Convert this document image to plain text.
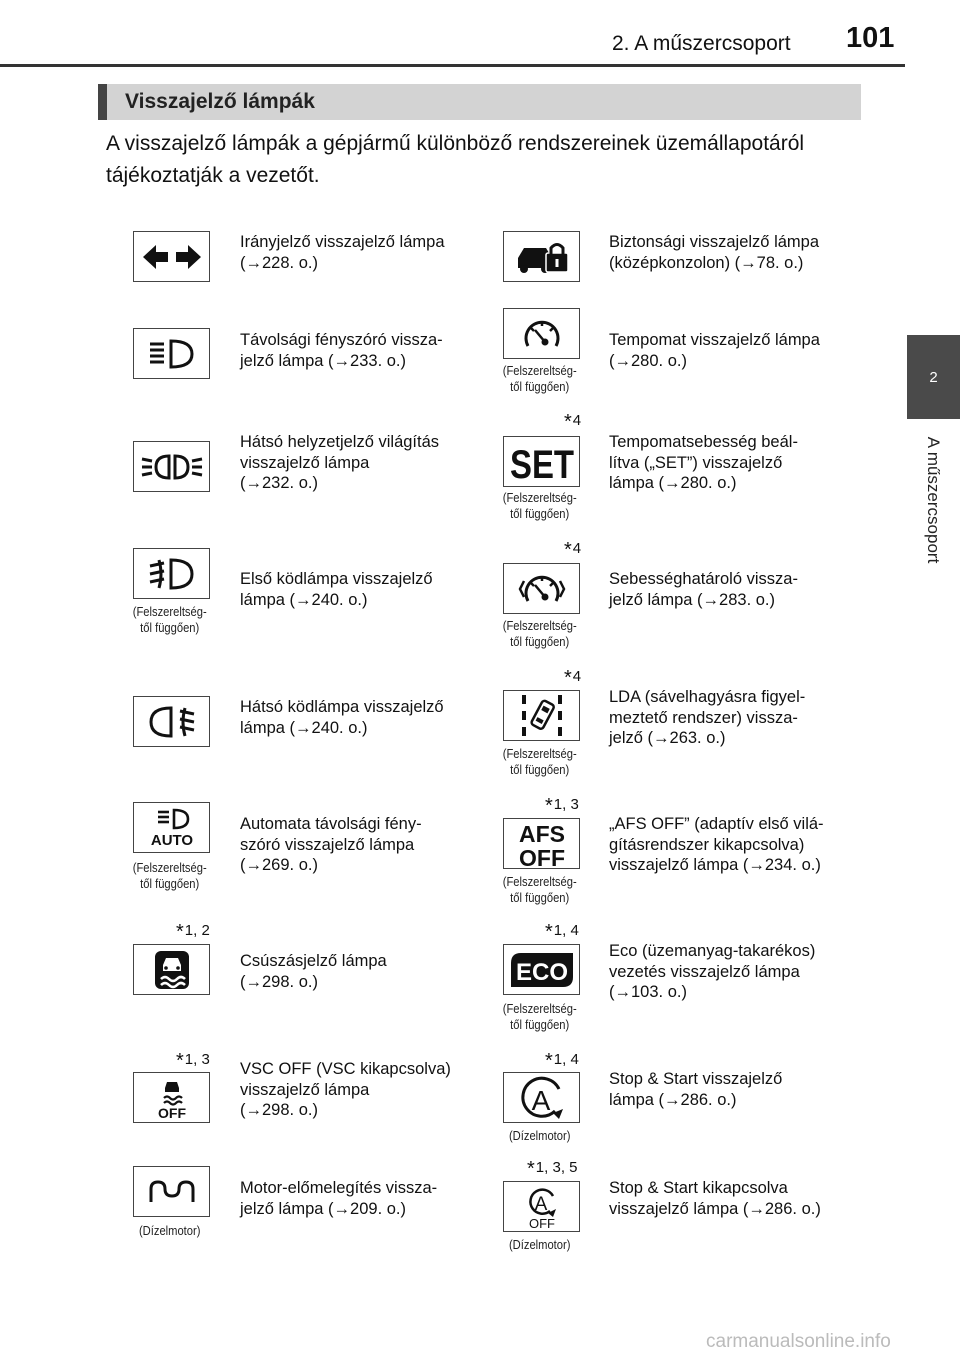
2. A műszercsoport 101
2
A műszercsoport
Visszajelző lámpák
A visszajelző lámpák a gépjármű különböző rendszereinek üzemállapotáról tájékoztatják a vezetőt.
Irányjelző visszajelző lámpa
(→228. o.)
Távolsági fényszóró vissza-
jelző lámpa (→233. o.)
Hátsó helyzetjelző világítás
visszajelző lámpa
(→232. o.)
(Felszereltség-
től függően)
Első ködlámpa visszajelző
lámpa (→240. o.)
Hátsó ködlámpa visszajelző
lámpa (→240. o.)
AUTO
(Felszereltség-
től függően)
Automata távolsági fény-
szóró visszajelző lámpa
(→269. o.)
*1, 2
Csúszásjelző lámpa
(→298. o.)
*1, 3
OFF
VSC OFF (VSC kikapcsolva)
visszajelző lámpa
(→298. o.)
(Dízelmotor)
Motor-előmelegítés vissza-
jelző lámpa (→209. o.)
Biztonsági visszajelző lámpa
(középkonzolon) (→78. o.)
(Felszereltség-
től függően)
Tempomat visszajelző lámpa
(→280. o.)
*4
SET
(Felszereltség-
től függően)
Tempomatsebesség beál-
lítva („SET”) visszajelző
lámpa (→280. o.)
*4
(Felszereltség-
től függően)
Sebességhatároló vissza-
jelző lámpa (→283. o.)
*4
(Felszereltség-
től függően)
LDA (sávelhagyásra figyel-
meztető rendszer) vissza-
jelző (→263. o.)
*1, 3
AFS
OFF
(Felszereltség-
től függően)
„AFS OFF” (adaptív első vilá-
gításrendszer kikapcsolva)
visszajelző lámpa (→234. o.)
*1, 4
ECO
(Felszereltség-
től függően)
Eco (üzemanyag-takarékos)
vezetés visszajelző lámpa
(→103. o.)
*1, 4
A
(Dízelmotor)
Stop & Start visszajelző
lámpa (→286. o.)
*1, 3, 5
A
OFF
(Dízelmotor)
Stop & Start kikapcsolva
visszajelző lámpa (→286. o.)
carmanualsonline.info
